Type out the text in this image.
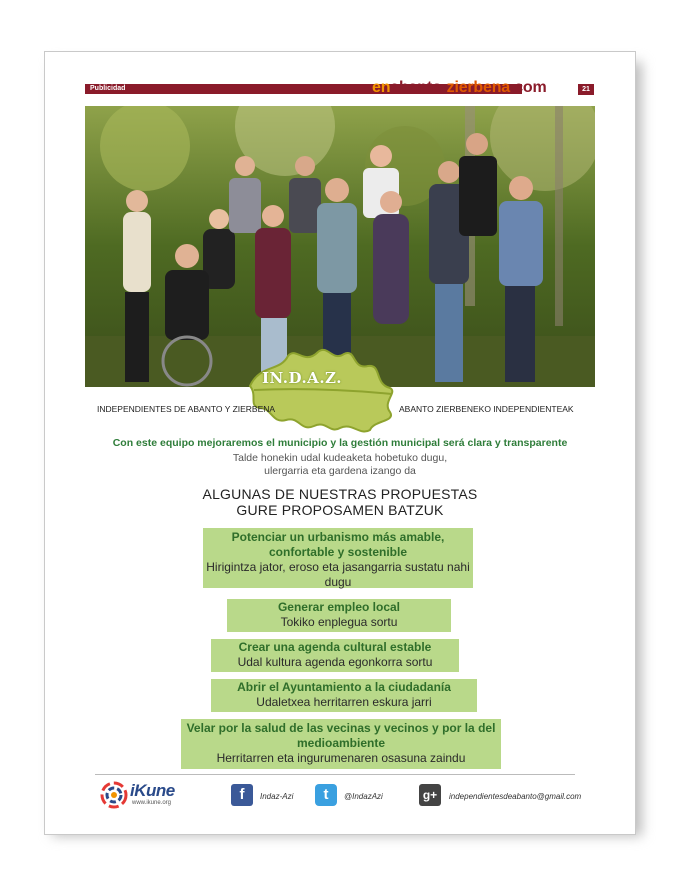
Publicidad	enabanto-zierbena.com	21
IN.D.A.Z.
INDEPENDIENTES DE ABANTO Y ZIERBENA	ABANTO ZIERBENEKO INDEPENDIENTEAK
Con este equipo mejoraremos el municipio y la gestión municipal será clara y transparente
Talde honekin udal kudeaketa hobetuko dugu,
ulergarria eta gardena izango da
ALGUNAS DE NUESTRAS PROPUESTAS
GURE PROPOSAMEN BATZUK
Potenciar un urbanismo más amable, confortable y sostenible
Hirigintza jator, eroso eta jasangarria sustatu nahi dugu
Generar empleo local
Tokiko enplegua sortu
Crear una agenda cultural estable
Udal kultura agenda egonkorra sortu
Abrir el Ayuntamiento a la ciudadanía
Udaletxea herritarren eskura jarri
Velar por la salud de las vecinas y vecinos y por la del medioambiente
Herritarren eta ingurumenaren osasuna zaindu
iKune
www.ikune.org	f	Indaz-Azi	t	@IndazAzi	g+	independientesdeabanto@gmail.com
